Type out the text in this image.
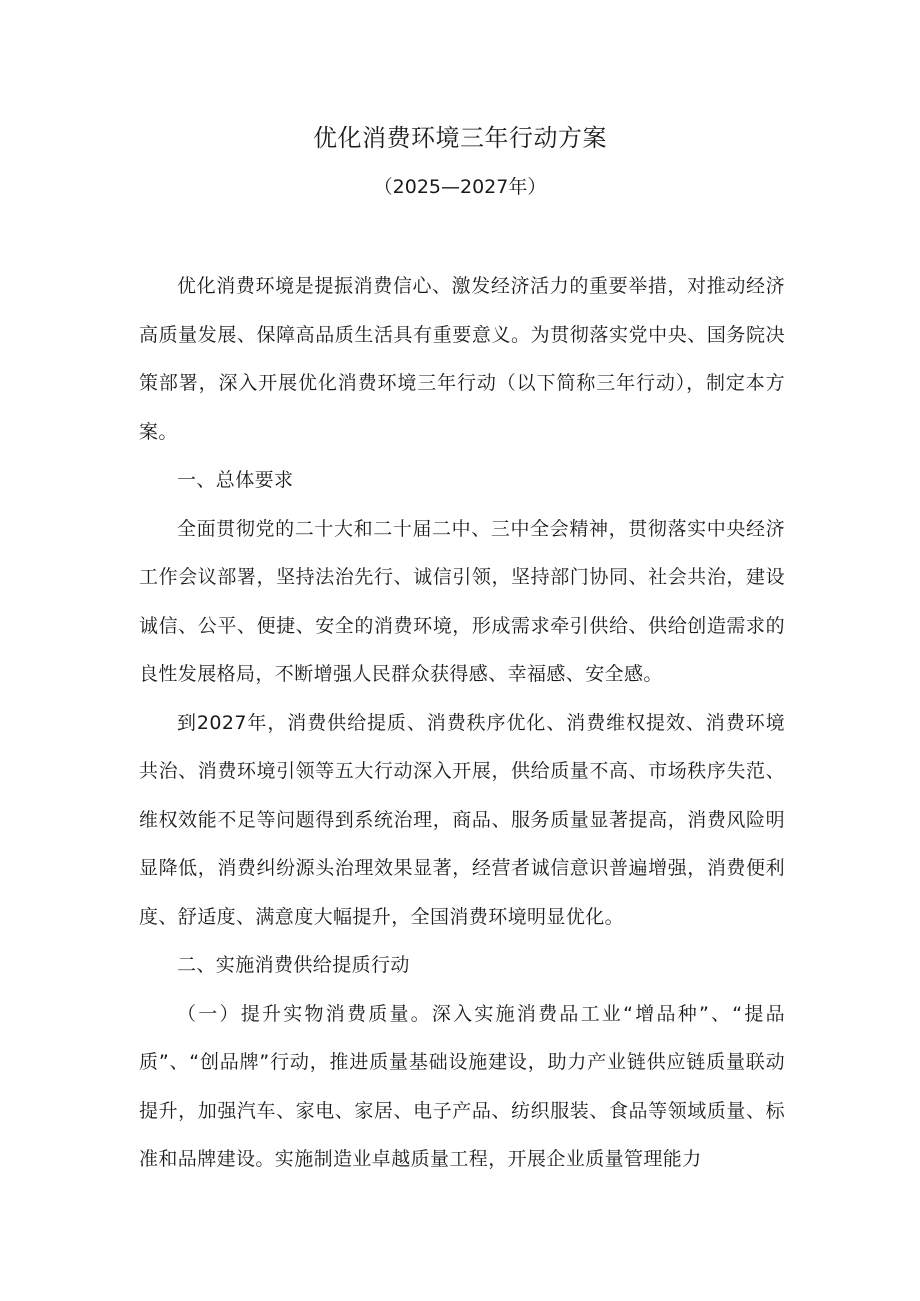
优化消费环境三年行动方案
（2025—2027年）

优化消费环境是提振消费信心、激发经济活力的重要举措，对推动经济高质量发展、保障高品质生活具有重要意义。为贯彻落实党中央、国务院决策部署，深入开展优化消费环境三年行动（以下简称三年行动），制定本方案。

一、总体要求

全面贯彻党的二十大和二十届二中、三中全会精神，贯彻落实中央经济工作会议部署，坚持法治先行、诚信引领，坚持部门协同、社会共治，建设诚信、公平、便捷、安全的消费环境，形成需求牵引供给、供给创造需求的良性发展格局，不断增强人民群众获得感、幸福感、安全感。

到2027年，消费供给提质、消费秩序优化、消费维权提效、消费环境共治、消费环境引领等五大行动深入开展，供给质量不高、市场秩序失范、维权效能不足等问题得到系统治理，商品、服务质量显著提高，消费风险明显降低，消费纠纷源头治理效果显著，经营者诚信意识普遍增强，消费便利度、舒适度、满意度大幅提升，全国消费环境明显优化。

二、实施消费供给提质行动

（一）提升实物消费质量。深入实施消费品工业“增品种”、“提品质”、“创品牌”行动，推进质量基础设施建设，助力产业链供应链质量联动提升，加强汽车、家电、家居、电子产品、纺织服装、食品等领域质量、标准和品牌建设。实施制造业卓越质量工程，开展企业质量管理能力
